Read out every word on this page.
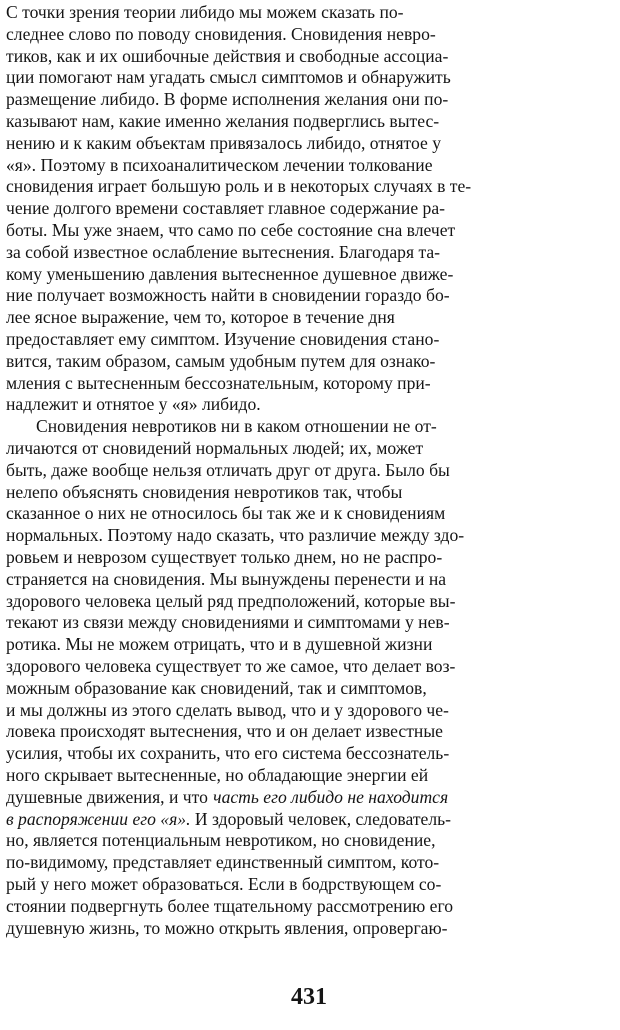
С точки зрения теории либидо мы можем сказать по-
следнее слово по поводу сновидения. Сновидения невро-
тиков, как и их ошибочные действия и свободные ассоциа-
ции помогают нам угадать смысл симптомов и обнаружить
размещение либидо. В форме исполнения желания они по-
казывают нам, какие именно желания подверглись вытес-
нению и к каким объектам привязалось либидо, отнятое у
«я». Поэтому в психоаналитическом лечении толкование
сновидения играет большую роль и в некоторых случаях в те-
чение долгого времени составляет главное содержание ра-
боты. Мы уже знаем, что само по себе состояние сна влечет
за собой известное ослабление вытеснения. Благодаря та-
кому уменьшению давления вытесненное душевное движе-
ние получает возможность найти в сновидении гораздо бо-
лее ясное выражение, чем то, которое в течение дня
предоставляет ему симптом. Изучение сновидения стано-
вится, таким образом, самым удобным путем для ознако-
мления с вытесненным бессознательным, которому при-
надлежит и отнятое у «я» либидо.
Сновидения невротиков ни в каком отношении не от-
личаются от сновидений нормальных людей; их, может
быть, даже вообще нельзя отличать друг от друга. Было бы
нелепо объяснять сновидения невротиков так, чтобы
сказанное о них не относилось бы так же и к сновидениям
нормальных. Поэтому надо сказать, что различие между здо-
ровьем и неврозом существует только днем, но не распро-
страняется на сновидения. Мы вынуждены перенести и на
здорового человека целый ряд предположений, которые вы-
текают из связи между сновидениями и симптомами у нев-
ротика. Мы не можем отрицать, что и в душевной жизни
здорового человека существует то же самое, что делает воз-
можным образование как сновидений, так и симптомов,
и мы должны из этого сделать вывод, что и у здорового че-
ловека происходят вытеснения, что и он делает известные
усилия, чтобы их сохранить, что его система бессознатель-
ного скрывает вытесненные, но обладающие энергии ей
душевные движения, и что часть его либидо не находится
в распоряжении его «я». И здоровый человек, следователь-
но, является потенциальным невротиком, но сновидение,
по-видимому, представляет единственный симптом, кото-
рый у него может образоваться. Если в бодрствующем со-
стоянии подвергнуть более тщательному рассмотрению его
душевную жизнь, то можно открыть явления, опровергаю-
431
